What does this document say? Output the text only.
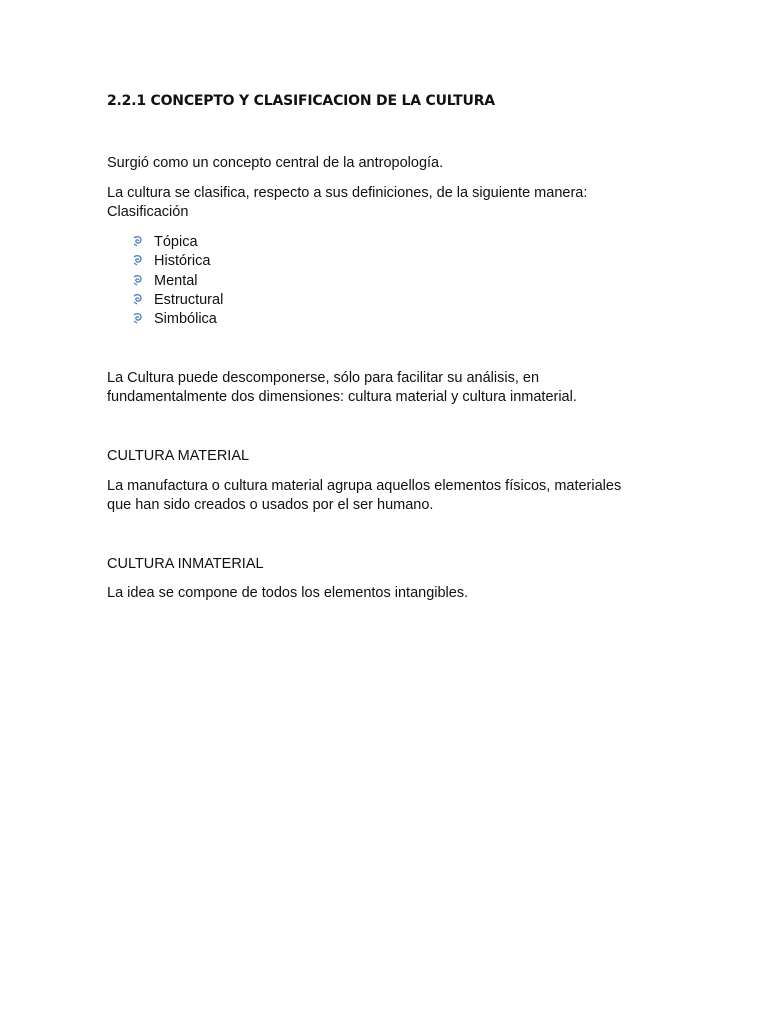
2.2.1 CONCEPTO Y CLASIFICACION DE LA CULTURA
Surgió como un concepto central de la antropología.
La cultura se clasifica, respecto a sus definiciones, de la siguiente manera:
Clasificación
Tópica
Histórica
Mental
Estructural
Simbólica
La Cultura puede descomponerse, sólo para facilitar su análisis, en
fundamentalmente dos dimensiones: cultura material y cultura inmaterial.
CULTURA MATERIAL
La manufactura o cultura material agrupa aquellos elementos físicos, materiales
que han sido creados o usados por el ser humano.
CULTURA INMATERIAL
La idea se compone de todos los elementos intangibles.
